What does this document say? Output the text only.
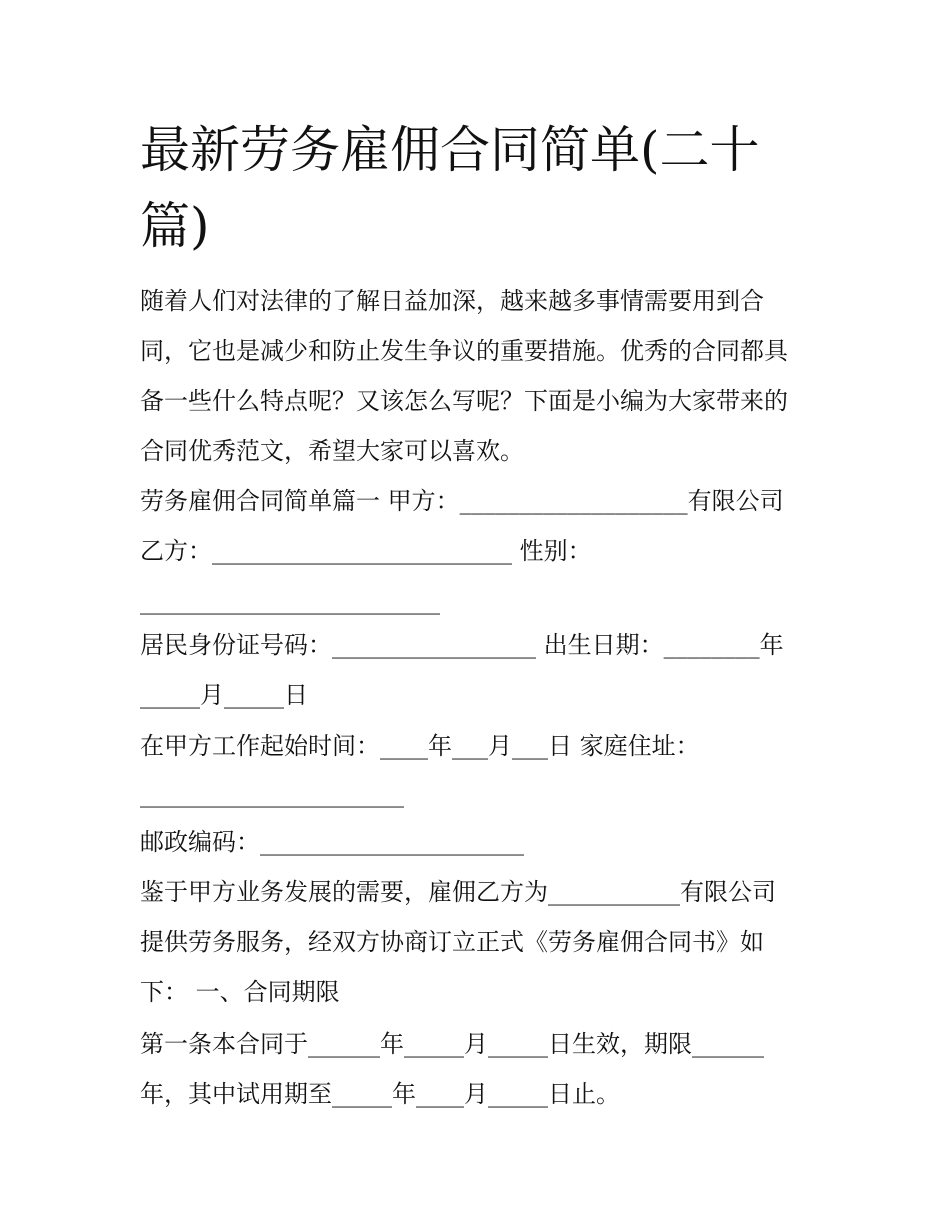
最新劳务雇佣合同简单(二十
篇)
随着人们对法律的了解日益加深，越来越多事情需要用到合
同，它也是减少和防止发生争议的重要措施。优秀的合同都具
备一些什么特点呢？又该怎么写呢？下面是小编为大家带来的
合同优秀范文，希望大家可以喜欢。
劳务雇佣合同简单篇一 甲方：___________________有限公司
乙方：_________________________ 性别：
_________________________
居民身份证号码：_________________ 出生日期：________年
_____月_____日
在甲方工作起始时间：____年___月___日 家庭住址：
______________________
邮政编码：______________________
鉴于甲方业务发展的需要，雇佣乙方为___________有限公司
提供劳务服务，经双方协商订立正式《劳务雇佣合同书》如
下： 一、合同期限
第一条本合同于______年_____月_____日生效，期限______
年，其中试用期至_____年____月_____日止。
